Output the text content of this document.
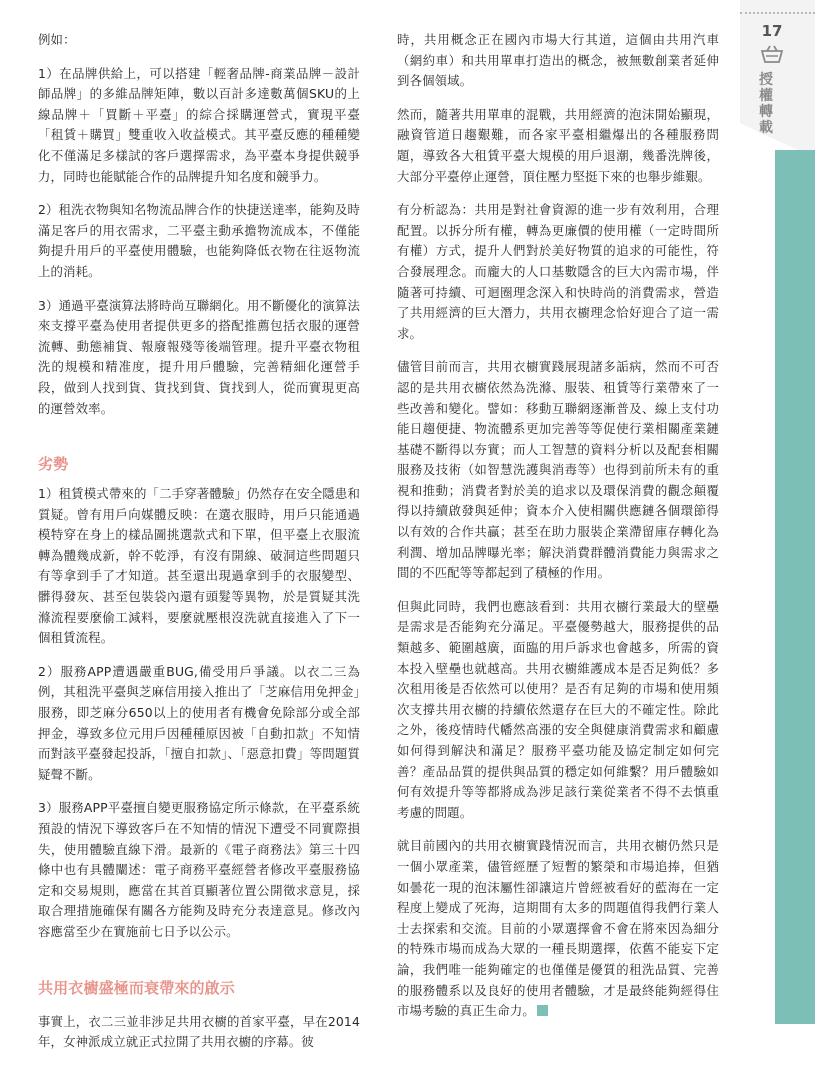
17
授權轉載

例如：

1）在品牌供給上，可以搭建「輕奢品牌-商業品牌－設計師品牌」的多維品牌矩陣，數以百計多達數萬個SKU的上線品牌＋「買斷＋平臺」的綜合採購運營式，實現平臺「租賃＋購買」雙重收入收益模式。其平臺反應的種種變化不僅滿足多樣試的客戶選擇需求，為平臺本身提供競爭力，同時也能賦能合作的品牌提升知名度和競爭力。

2）租洗衣物與知名物流品牌合作的快捷送達率，能夠及時滿足客戶的用衣需求，二平臺主動承擔物流成本，不僅能夠提升用戶的平臺使用體驗，也能夠降低衣物在往返物流上的消耗。

3）通過平臺演算法將時尚互聯網化。用不斷優化的演算法來支撐平臺為使用者提供更多的搭配推薦包括衣服的運營流轉、動態補貨、報廢報殘等後端管理。提升平臺衣物租洗的規模和精准度，提升用戶體驗，完善精細化運營手段，做到人找到貨、貨找到貨、貨找到人，從而實現更高的運營效率。

劣勢

1）租賃模式帶來的「二手穿著體驗」仍然存在安全隱患和質疑。曾有用戶向媒體反映：在選衣服時，用戶只能通過模特穿在身上的樣品圖挑選款式和下單，但平臺上衣服流轉為體幾成新，幹不乾淨，有沒有開線、破洞這些問題只有等拿到手了才知道。甚至還出現過拿到手的衣服變型、髒得發灰、甚至包裝袋內還有頭髮等異物，於是質疑其洗滌流程要麼偷工減料，要麼就壓根沒洗就直接進入了下一個租賃流程。

2）服務APP遭遇嚴重BUG,備受用戶爭議。以衣二三為例，其租洗平臺與芝麻信用接入推出了「芝麻信用免押金」服務，即芝麻分650以上的使用者有機會免除部分或全部押金，導致多位元用戶因種種原因被「自動扣款」不知情而對該平臺發起投訴，「擅自扣款」、「惡意扣費」等問題質疑聲不斷。

3）服務APP平臺擅自變更服務協定所示條款，在平臺系統預設的情況下導致客戶在不知情的情況下遭受不同實際損失，使用體驗直線下滑。最新的《電子商務法》第三十四條中也有具體闡述：電子商務平臺經營者修改平臺服務協定和交易規則，應當在其首頁顯著位置公開徵求意見，採取合理措施確保有關各方能夠及時充分表達意見。修改內容應當至少在實施前七日予以公示。

共用衣櫥盛極而衰帶來的啟示

事實上，衣二三並非涉足共用衣櫥的首家平臺，早在2014年，女神派成立就正式拉開了共用衣櫥的序幕。彼

時，共用概念正在國內市場大行其道，這個由共用汽車（網約車）和共用單車打造出的概念，被無數創業者延伸到各個領域。

然而，隨著共用單車的混戰，共用經濟的泡沫開始顯現，融資管道日趨艱難，而各家平臺相繼爆出的各種服務問題，導致各大租賃平臺大規模的用戶退潮，幾番洗牌後，大部分平臺停止運營，頂住壓力堅挺下來的也舉步維艱。

有分析認為：共用是對社會資源的進一步有效利用，合理配置。以拆分所有權，轉為更廉價的使用權（一定時間所有權）方式，提升人們對於美好物質的追求的可能性，符合發展理念。而龐大的人口基數隱含的巨大內需市場，伴隨著可持續、可迴圈理念深入和快時尚的消費需求，營造了共用經濟的巨大潛力，共用衣櫥理念恰好迎合了這一需求。

儘管目前而言，共用衣櫥實踐展現諸多詬病，然而不可否認的是共用衣櫥依然為洗滌、服裝、租賃等行業帶來了一些改善和變化。譬如：移動互聯網逐漸普及、線上支付功能日趨便捷、物流體系更加完善等等促使行業相關產業鏈基礎不斷得以夯實；而人工智慧的資料分析以及配套相關服務及技術（如智慧洗護與消毒等）也得到前所未有的重視和推動；消費者對於美的追求以及環保消費的觀念顛覆得以持續啟發與延伸；資本介入使相關供應鏈各個環節得以有效的合作共贏；甚至在助力服裝企業滯留庫存轉化為利潤、增加品牌曝光率；解決消費群體消費能力與需求之間的不匹配等等都起到了積極的作用。

但與此同時，我們也應該看到：共用衣櫥行業最大的壁壘是需求是否能夠充分滿足。平臺優勢越大，服務提供的品類越多、範圍越廣，面臨的用戶訴求也會越多，所需的資本投入壁壘也就越高。共用衣櫥維護成本是否足夠低？多次租用後是否依然可以使用？是否有足夠的市場和使用頻次支撐共用衣櫥的持續依然還存在巨大的不確定性。除此之外，後疫情時代幡然高漲的安全與健康消費需求和顧慮如何得到解決和滿足？服務平臺功能及協定制定如何完善？產品品質的提供與品質的穩定如何維繫？用戶體驗如何有效提升等等都將成為涉足該行業從業者不得不去慎重考慮的問題。

就目前國內的共用衣櫥實踐情況而言，共用衣櫥仍然只是一個小眾產業，儘管經歷了短暫的繁榮和市場追捧，但猶如曇花一現的泡沫屬性卻讓這片曾經被看好的藍海在一定程度上變成了死海，這期間有太多的問題值得我們行業人士去探索和交流。目前的小眾選擇會不會在將來因為細分的特殊市場而成為大眾的一種長期選擇，依舊不能妄下定論，我們唯一能夠確定的也僅僅是優質的租洗品質、完善的服務體系以及良好的使用者體驗，才是最終能夠經得住市場考驗的真正生命力。
